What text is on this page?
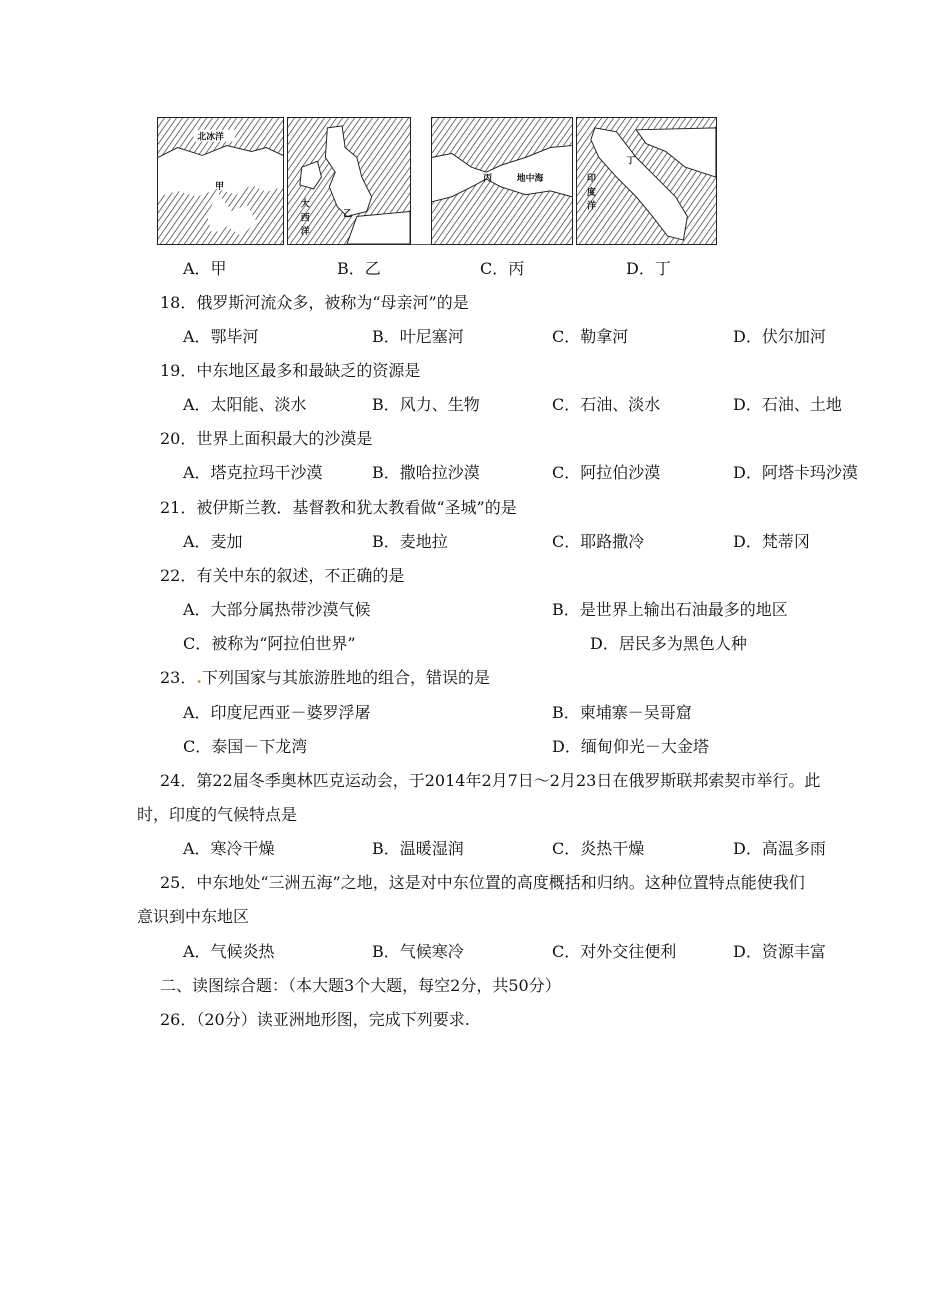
北冰洋
甲
大
西
洋
乙
丙	地中海
丁
印
度
洋
A．甲	B．乙	C．丙	D．丁
18．俄罗斯河流众多，被称为“母亲河”的是
A．鄂毕河	B．叶尼塞河	C．勒拿河	D．伏尔加河
19．中东地区最多和最缺乏的资源是
A．太阳能、淡水	B．风力、生物	C．石油、淡水	D．石油、土地
20．世界上面积最大的沙漠是
A．塔克拉玛干沙漠	B．撒哈拉沙漠	C．阿拉伯沙漠	D．阿塔卡玛沙漠
21．被伊斯兰教．基督教和犹太教看做“圣城”的是
A．麦加	B．麦地拉	C．耶路撒冷	D．梵蒂冈
22．有关中东的叙述，不正确的是
A．大部分属热带沙漠气候	B．是世界上输出石油最多的地区
C．被称为“阿拉伯世界”	D．居民多为黑色人种
23．.下列国家与其旅游胜地的组合，错误的是
A．印度尼西亚－婆罗浮屠	B．柬埔寨－吴哥窟
C．泰国－下龙湾	D．缅甸仰光－大金塔
24．第22届冬季奥林匹克运动会，于2014年2月7日～2月23日在俄罗斯联邦索契市举行。此
时，印度的气候特点是
A．寒冷干燥	B．温暖湿润	C．炎热干燥	D．高温多雨
25．中东地处“三洲五海”之地，这是对中东位置的高度概括和归纳。这种位置特点能使我们
意识到中东地区
A．气候炎热	B．气候寒冷	C．对外交往便利	D．资源丰富
二、读图综合题：（本大题3个大题，每空2分，共50分）
26．（20分）读亚洲地形图，完成下列要求.
